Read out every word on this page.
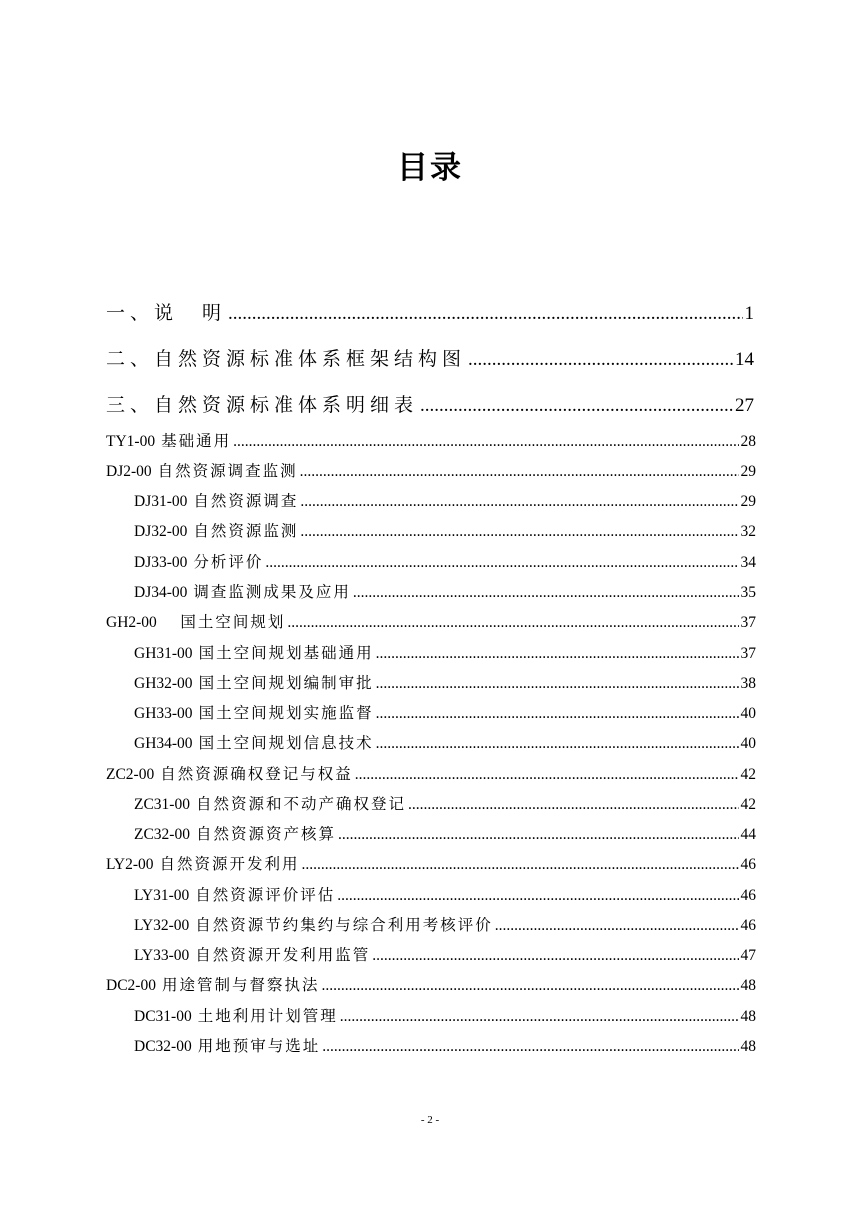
目录
一、说　明 .....	1
二、自然资源标准体系框架结构图 .....	14
三、自然资源标准体系明细表 .....	27
TY1-00 基础通用 .....	28
DJ2-00 自然资源调查监测 .....	29
DJ31-00 自然资源调查 .....	29
DJ32-00 自然资源监测 .....	32
DJ33-00 分析评价 .....	34
DJ34-00 调查监测成果及应用 .....	35
GH2-00　国土空间规划 .....	37
GH31-00 国土空间规划基础通用 .....	37
GH32-00 国土空间规划编制审批 .....	38
GH33-00 国土空间规划实施监督 .....	40
GH34-00 国土空间规划信息技术 .....	40
ZC2-00 自然资源确权登记与权益 .....	42
ZC31-00 自然资源和不动产确权登记 .....	42
ZC32-00 自然资源资产核算 .....	44
LY2-00 自然资源开发利用 .....	46
LY31-00 自然资源评价评估 .....	46
LY32-00 自然资源节约集约与综合利用考核评价 .....	46
LY33-00 自然资源开发利用监管 .....	47
DC2-00 用途管制与督察执法 .....	48
DC31-00 土地利用计划管理 .....	48
DC32-00 用地预审与选址 .....	48
- 2 -
